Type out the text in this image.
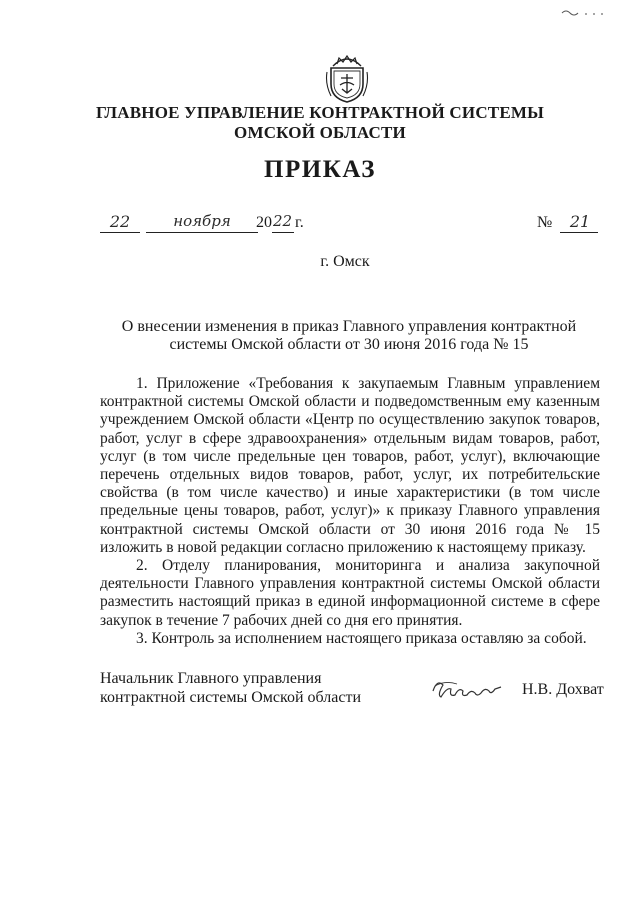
ГЛАВНОЕ УПРАВЛЕНИЕ КОНТРАКТНОЙ СИСТЕМЫ
ОМСКОЙ ОБЛАСТИ
ПРИКАЗ
22	ноября	20 22 г.	№	21
г. Омск
О внесении изменения в приказ Главного управления контрактной системы Омской области от 30 июня 2016 года № 15

1. Приложение «Требования к закупаемым Главным управлением контрактной системы Омской области и подведомственным ему казенным учреждением Омской области «Центр по осуществлению закупок товаров, работ, услуг в сфере здравоохранения» отдельным видам товаров, работ, услуг (в том числе предельные цен товаров, работ, услуг), включающие перечень отдельных видов товаров, работ, услуг, их потребительские свойства (в том числе качество) и иные характеристики (в том числе предельные цены товаров, работ, услуг)» к приказу Главного управления контрактной системы Омской области от 30 июня 2016 года № 15 изложить в новой редакции согласно приложению к настоящему приказу.

2. Отделу планирования, мониторинга и анализа закупочной деятельности Главного управления контрактной системы Омской области разместить настоящий приказ в единой информационной системе в сфере закупок в течение 7 рабочих дней со дня его принятия.

3. Контроль за исполнением настоящего приказа оставляю за собой.

Начальник Главного управления
контрактной системы Омской области	Н.В. Дохват
